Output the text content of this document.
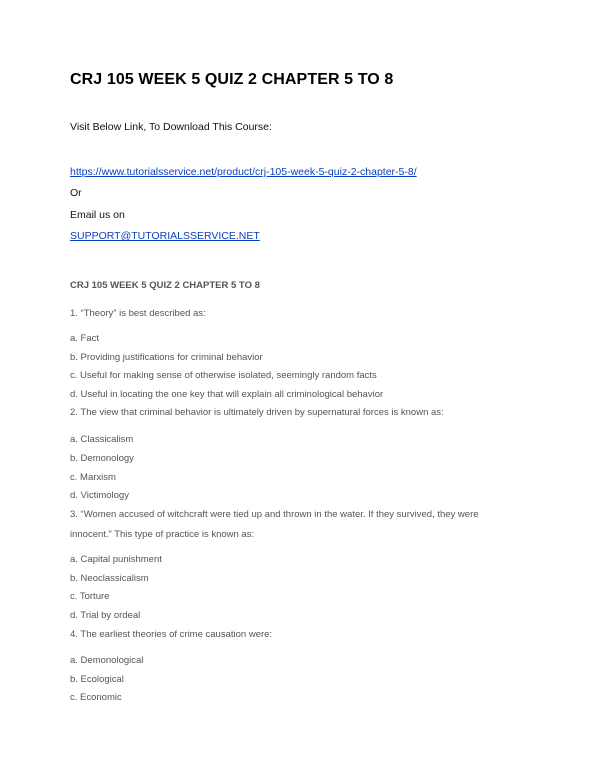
CRJ 105 WEEK 5 QUIZ 2 CHAPTER 5 TO 8
Visit Below Link, To Download This Course:
https://www.tutorialsservice.net/product/crj-105-week-5-quiz-2-chapter-5-8/
Or
Email us on
SUPPORT@TUTORIALSSERVICE.NET
CRJ 105 WEEK 5 QUIZ 2 CHAPTER 5 TO 8
1. “Theory” is best described as:
a. Fact
b. Providing justifications for criminal behavior
c. Useful for making sense of otherwise isolated, seemingly random facts
d. Useful in locating the one key that will explain all criminological behavior
2. The view that criminal behavior is ultimately driven by supernatural forces is known as:
a. Classicalism
b. Demonology
c. Marxism
d. Victimology
3. “Women accused of witchcraft were tied up and thrown in the water. If they survived, they were
innocent.” This type of practice is known as:
a. Capital punishment
b. Neoclassicalism
c. Torture
d. Trial by ordeal
4. The earliest theories of crime causation were:
a. Demonological
b. Ecological
c. Economic
